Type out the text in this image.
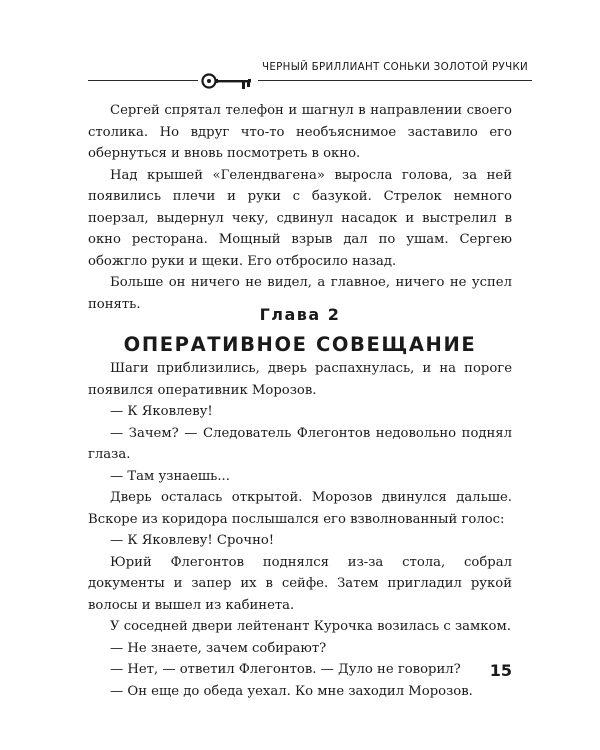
ЧЕРНЫЙ БРИЛЛИАНТ СОНЬКИ ЗОЛОТОЙ РУЧКИ

Сергей спрятал телефон и шагнул в направлении своего столика. Но вдруг что-то необъяснимое заставило его обернуться и вновь посмотреть в окно.

Над крышей «Гелендвагена» выросла голова, за ней появились плечи и руки с базукой. Стрелок немного поерзал, выдернул чеку, сдвинул насадок и выстрелил в окно ресторана. Мощный взрыв дал по ушам. Сергею обожгло руки и щеки. Его отбросило назад.

Больше он ничего не видел, а главное, ничего не успел понять.

Глава 2
ОПЕРАТИВНОЕ СОВЕЩАНИЕ

Шаги приблизились, дверь распахнулась, и на пороге появился оперативник Морозов.

— К Яковлеву!

— Зачем? — Следователь Флегонтов недовольно поднял глаза.

— Там узнаешь...

Дверь осталась открытой. Морозов двинулся дальше. Вскоре из коридора послышался его взволнованный голос:

— К Яковлеву! Срочно!

Юрий Флегонтов поднялся из-за стола, собрал документы и запер их в сейфе. Затем пригладил рукой волосы и вышел из кабинета.

У соседней двери лейтенант Курочка возилась с замком.

— Не знаете, зачем собирают?

— Нет, — ответил Флегонтов. — Дуло не говорил?

— Он еще до обеда уехал. Ко мне заходил Морозов.

15
